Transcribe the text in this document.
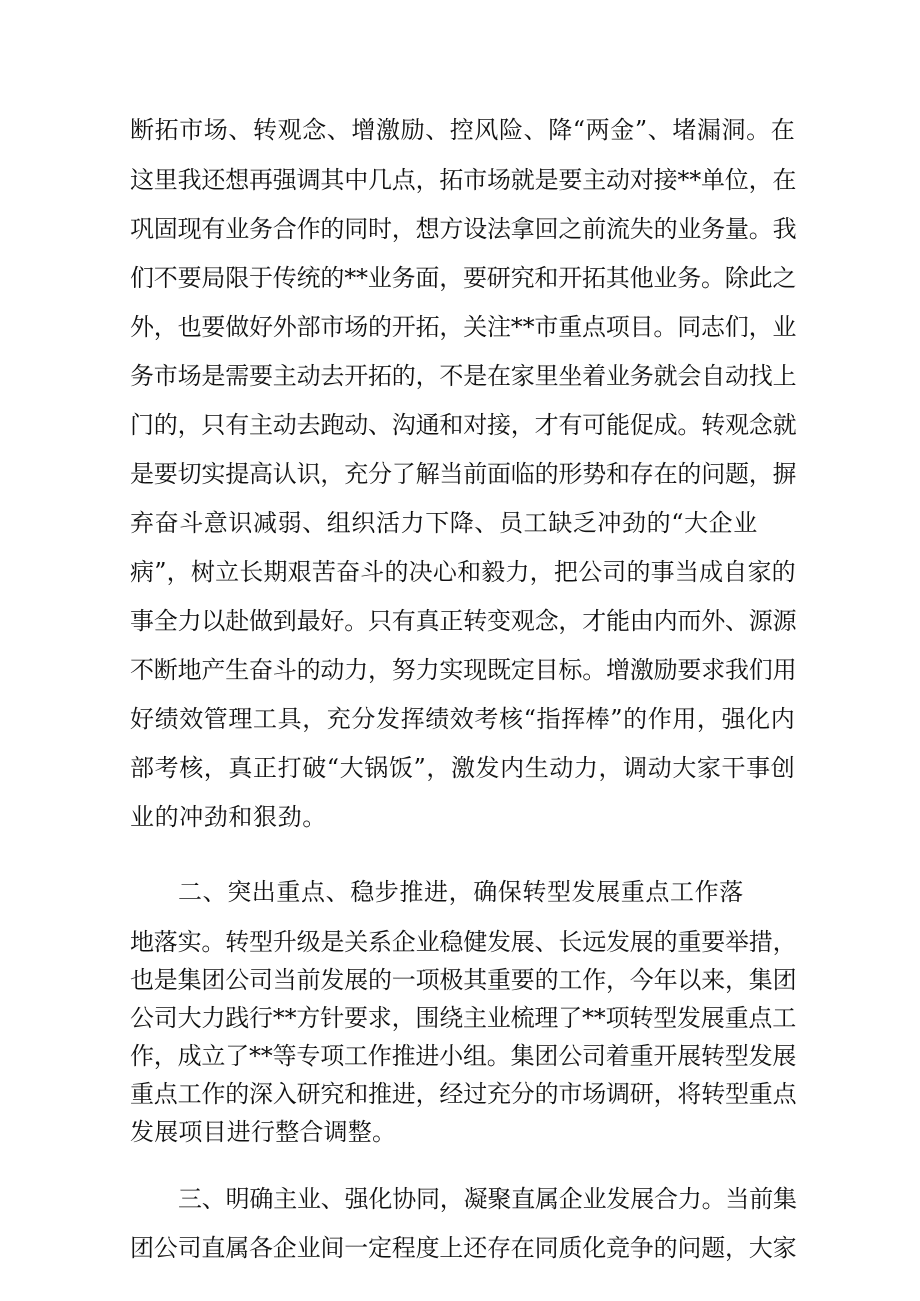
断拓市场、转观念、增激励、控风险、降“两金”、堵漏洞。在

这里我还想再强调其中几点，拓市场就是要主动对接**单位，在

巩固现有业务合作的同时，想方设法拿回之前流失的业务量。我

们不要局限于传统的**业务面，要研究和开拓其他业务。除此之

外，也要做好外部市场的开拓，关注**市重点项目。同志们，业

务市场是需要主动去开拓的，不是在家里坐着业务就会自动找上

门的，只有主动去跑动、沟通和对接，才有可能促成。转观念就

是要切实提高认识，充分了解当前面临的形势和存在的问题，摒

弃奋斗意识减弱、组织活力下降、员工缺乏冲劲的“大企业

病”，树立长期艰苦奋斗的决心和毅力，把公司的事当成自家的

事全力以赴做到最好。只有真正转变观念，才能由内而外、源源

不断地产生奋斗的动力，努力实现既定目标。增激励要求我们用

好绩效管理工具，充分发挥绩效考核“指挥棒”的作用，强化内

部考核，真正打破“大锅饭”，激发内生动力，调动大家干事创

业的冲劲和狠劲。

二、突出重点、稳步推进，确保转型发展重点工作落

地落实。转型升级是关系企业稳健发展、长远发展的重要举措，

也是集团公司当前发展的一项极其重要的工作，今年以来，集团

公司大力践行**方针要求，围绕主业梳理了**项转型发展重点工

作，成立了**等专项工作推进小组。集团公司着重开展转型发展

重点工作的深入研究和推进，经过充分的市场调研，将转型重点

发展项目进行整合调整。

三、明确主业、强化协同，凝聚直属企业发展合力。当前集

团公司直属各企业间一定程度上还存在同质化竞争的问题，大家
